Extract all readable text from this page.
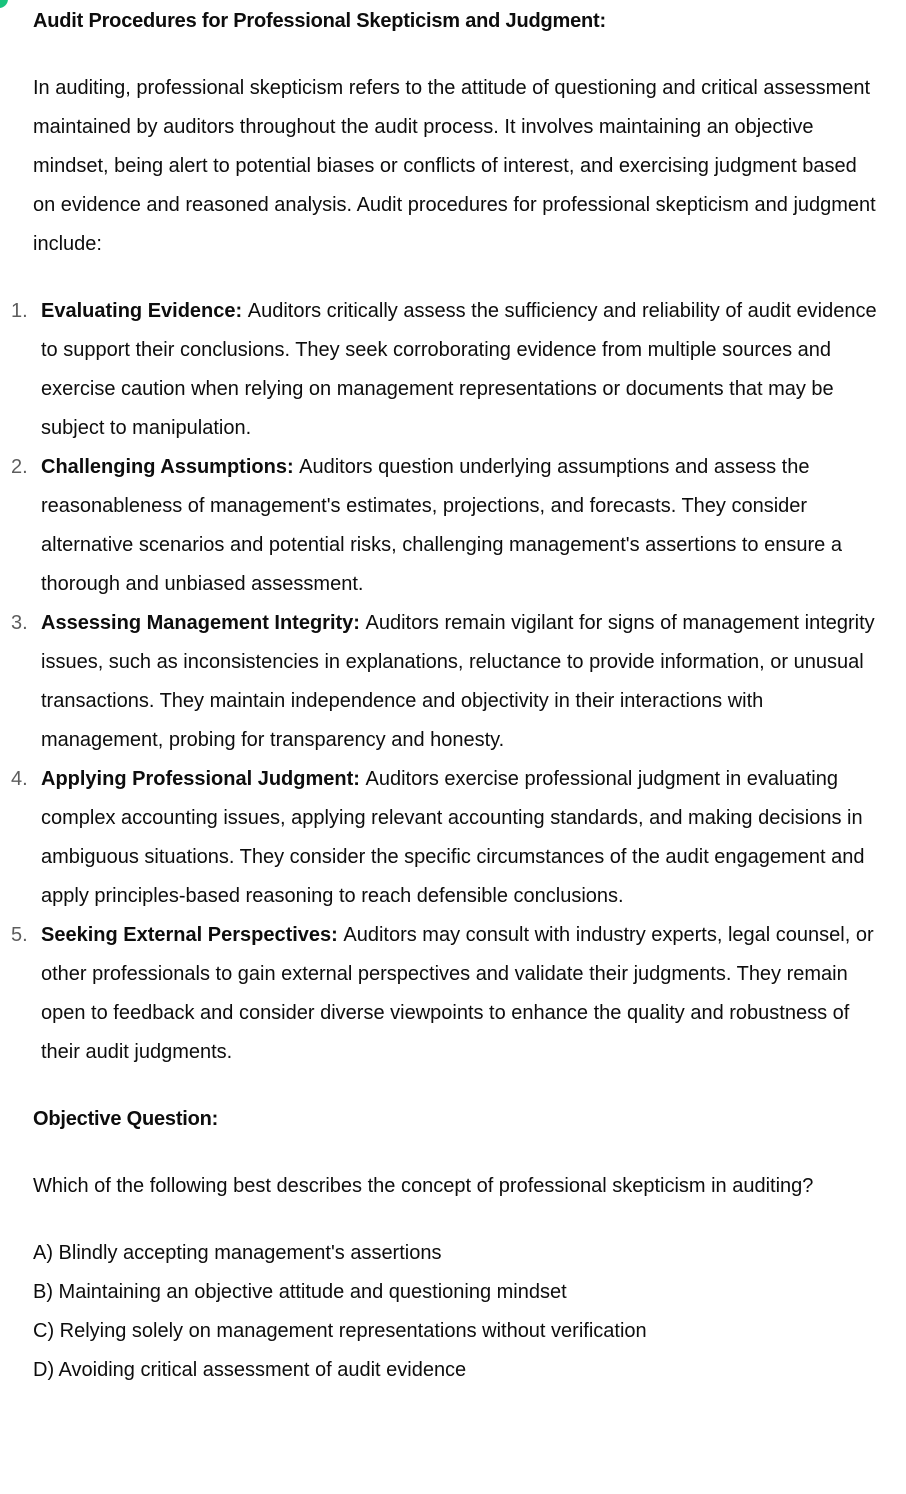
Audit Procedures for Professional Skepticism and Judgment:

In auditing, professional skepticism refers to the attitude of questioning and critical assessment maintained by auditors throughout the audit process. It involves maintaining an objective mindset, being alert to potential biases or conflicts of interest, and exercising judgment based on evidence and reasoned analysis. Audit procedures for professional skepticism and judgment include:

1. Evaluating Evidence: Auditors critically assess the sufficiency and reliability of audit evidence to support their conclusions. They seek corroborating evidence from multiple sources and exercise caution when relying on management representations or documents that may be subject to manipulation.
2. Challenging Assumptions: Auditors question underlying assumptions and assess the reasonableness of management's estimates, projections, and forecasts. They consider alternative scenarios and potential risks, challenging management's assertions to ensure a thorough and unbiased assessment.
3. Assessing Management Integrity: Auditors remain vigilant for signs of management integrity issues, such as inconsistencies in explanations, reluctance to provide information, or unusual transactions. They maintain independence and objectivity in their interactions with management, probing for transparency and honesty.
4. Applying Professional Judgment: Auditors exercise professional judgment in evaluating complex accounting issues, applying relevant accounting standards, and making decisions in ambiguous situations. They consider the specific circumstances of the audit engagement and apply principles-based reasoning to reach defensible conclusions.
5. Seeking External Perspectives: Auditors may consult with industry experts, legal counsel, or other professionals to gain external perspectives and validate their judgments. They remain open to feedback and consider diverse viewpoints to enhance the quality and robustness of their audit judgments.

Objective Question:

Which of the following best describes the concept of professional skepticism in auditing?

A) Blindly accepting management's assertions
B) Maintaining an objective attitude and questioning mindset
C) Relying solely on management representations without verification
D) Avoiding critical assessment of audit evidence
